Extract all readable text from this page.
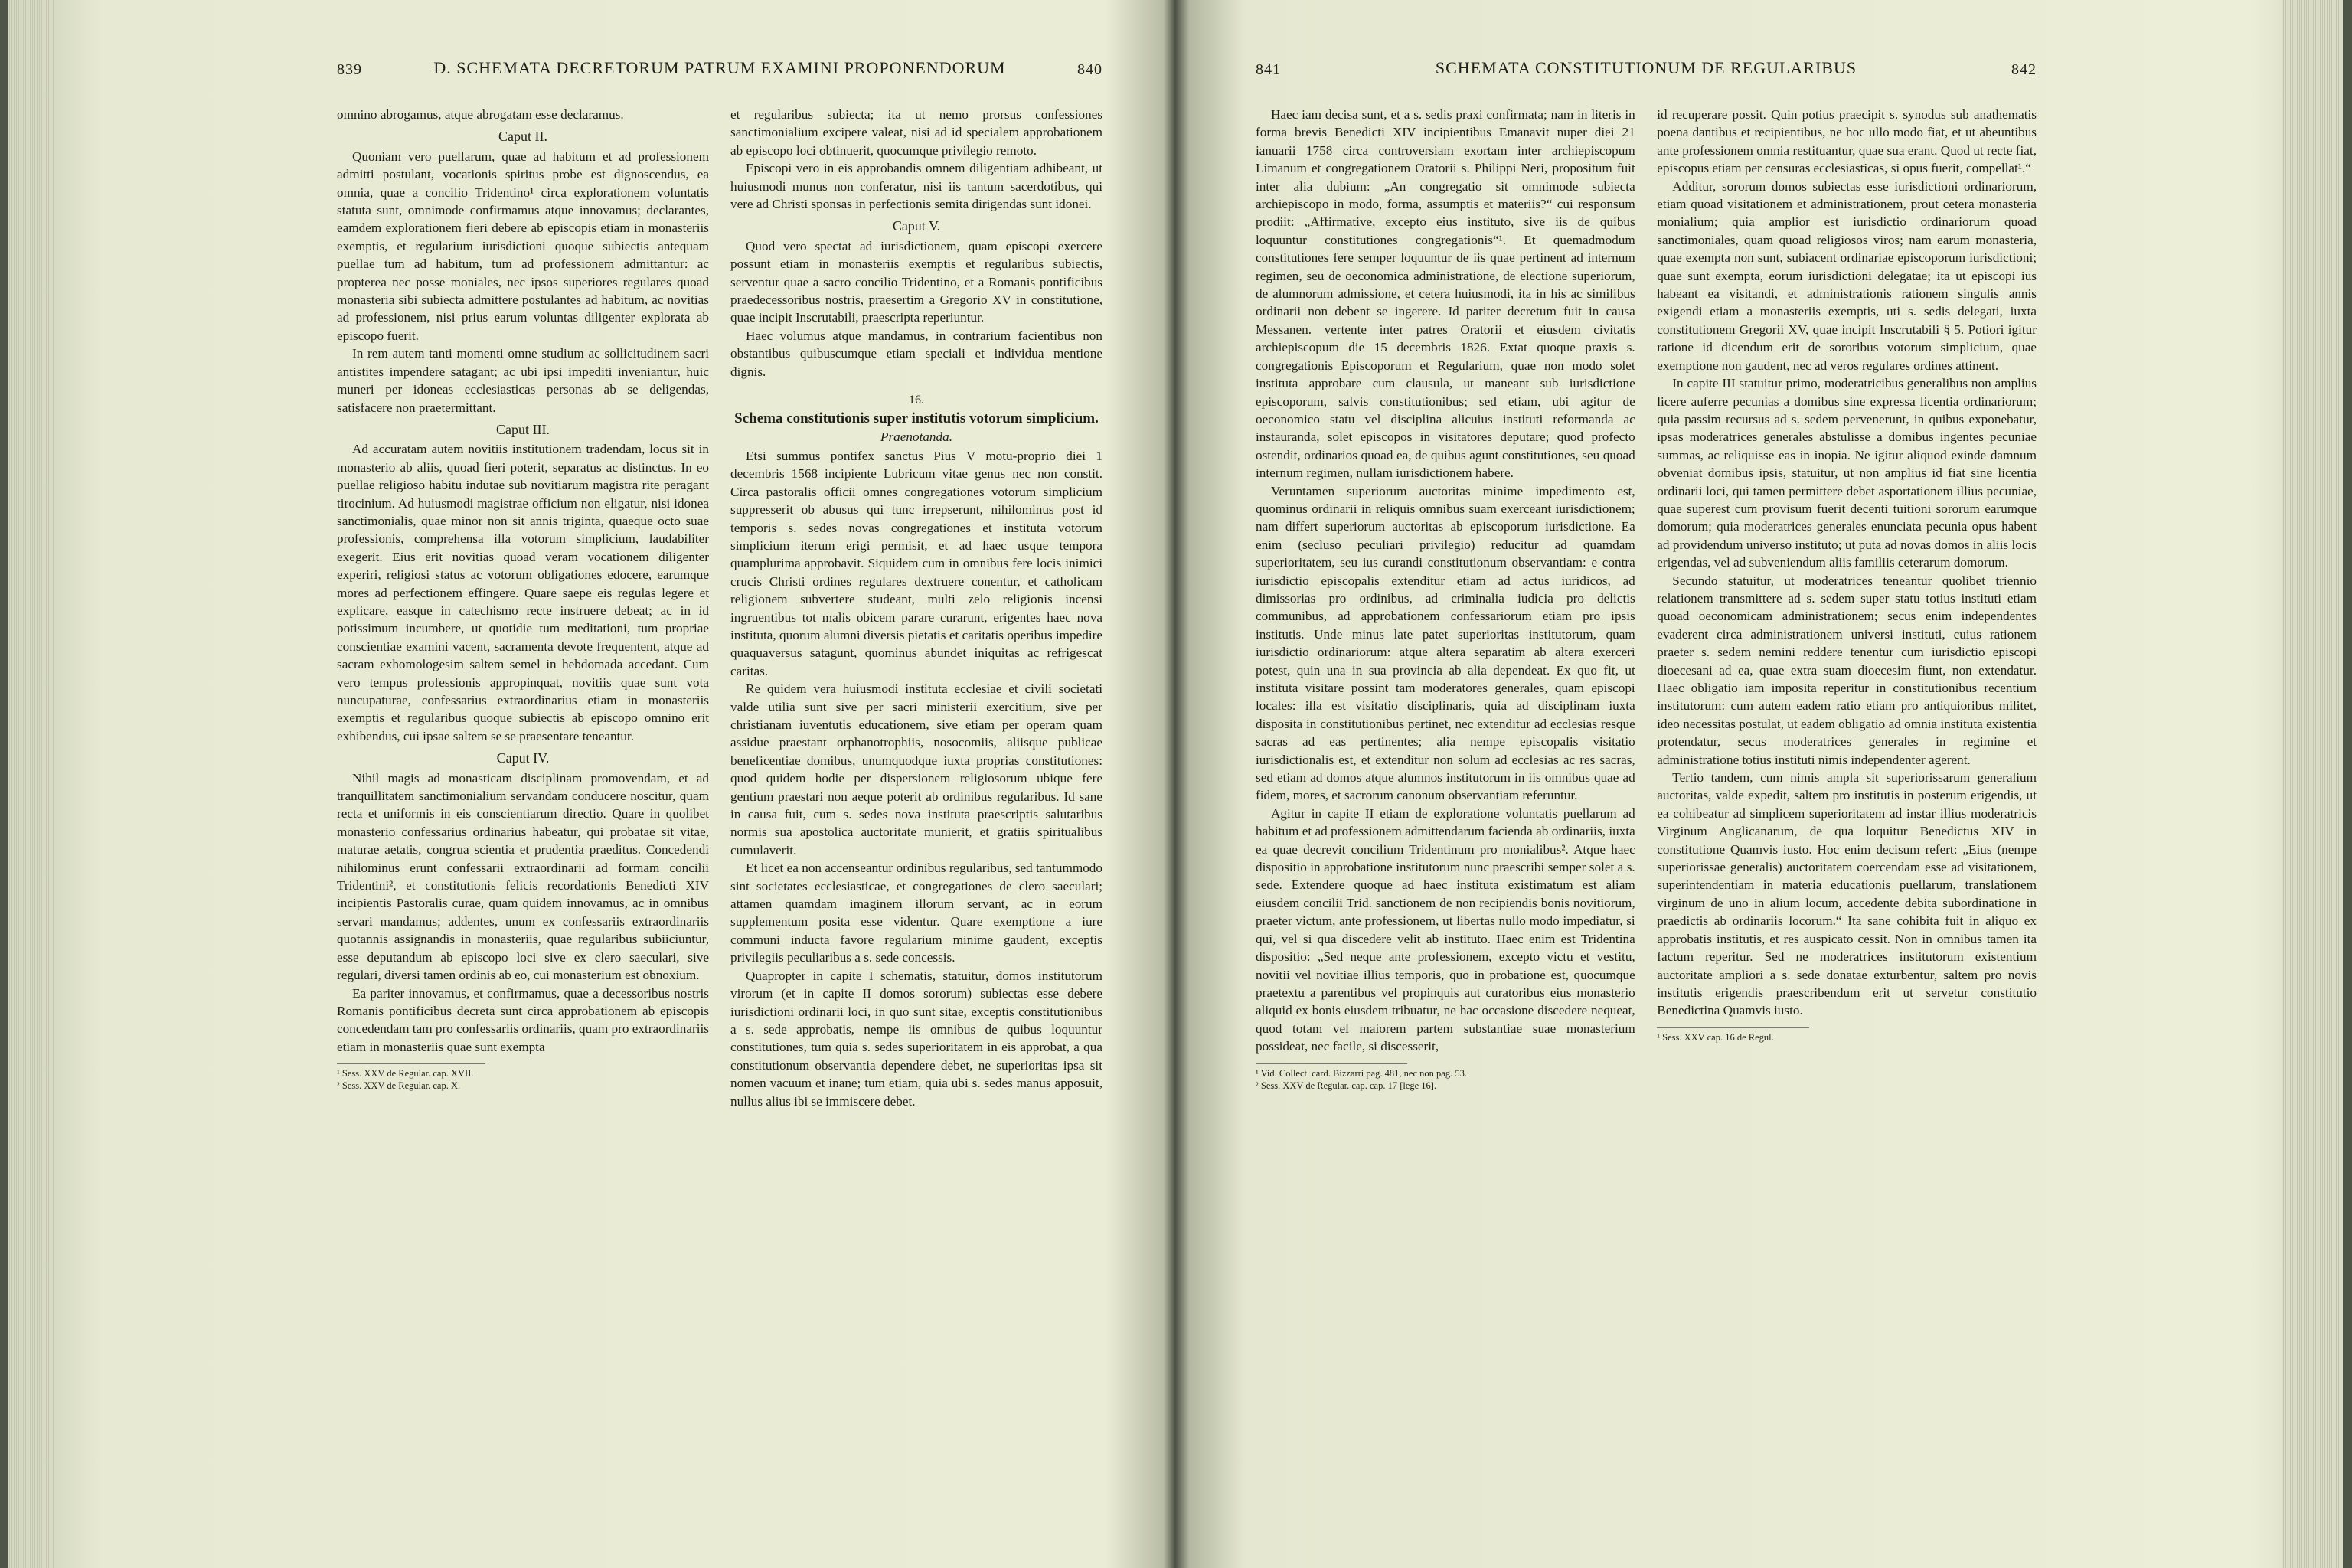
839	D. SCHEMATA DECRETORUM PATRUM EXAMINI PROPONENDORUM	840

omnino abrogamus, atque abrogatam esse declaramus.

Caput II.

Quoniam vero puellarum, quae ad habitum et ad professionem admitti postulant, vocationis spiritus probe est dignoscendus, ea omnia, quae a concilio Tridentino¹ circa explorationem voluntatis statuta sunt, omnimode confirmamus atque innovamus; declarantes, eamdem explorationem fieri debere ab episcopis etiam in monasteriis exemptis, et regularium iurisdictioni quoque subiectis antequam puellae tum ad habitum, tum ad professionem admittantur: ac propterea nec posse moniales, nec ipsos superiores regulares quoad monasteria sibi subiecta admittere postulantes ad habitum, ac novitias ad professionem, nisi prius earum voluntas diligenter explorata ab episcopo fuerit.

In rem autem tanti momenti omne studium ac sollicitudinem sacri antistites impendere satagant; ac ubi ipsi impediti inveniantur, huic muneri per idoneas ecclesiasticas personas ab se deligendas, satisfacere non praetermittant.

Caput III.

Ad accuratam autem novitiis institutionem tradendam, locus sit in monasterio ab aliis, quoad fieri poterit, separatus ac distinctus. In eo puellae religioso habitu indutae sub novitiarum magistra rite peragant tirocinium. Ad huiusmodi magistrae officium non eligatur, nisi idonea sanctimonialis, quae minor non sit annis triginta, quaeque octo suae professionis, comprehensa illa votorum simplicium, laudabiliter exegerit. Eius erit novitias quoad veram vocationem diligenter experiri, religiosi status ac votorum obligationes edocere, earumque mores ad perfectionem effingere. Quare saepe eis regulas legere et explicare, easque in catechismo recte instruere debeat; ac in id potissimum incumbere, ut quotidie tum meditationi, tum propriae conscientiae examini vacent, sacramenta devote frequentent, atque ad sacram exhomologesim saltem semel in hebdomada accedant. Cum vero tempus professionis appropinquat, novitiis quae sunt vota nuncupaturae, confessarius extraordinarius etiam in monasteriis exemptis et regularibus quoque subiectis ab episcopo omnino erit exhibendus, cui ipsae saltem se se praesentare teneantur.

Caput IV.

Nihil magis ad monasticam disciplinam promovendam, et ad tranquillitatem sanctimonialium servandam conducere noscitur, quam recta et uniformis in eis conscientiarum directio. Quare in quolibet monasterio confessarius ordinarius habeatur, qui probatae sit vitae, maturae aetatis, congrua scientia et prudentia praeditus. Concedendi nihilominus erunt confessarii extraordinarii ad formam concilii Tridentini², et constitutionis felicis recordationis Benedicti XIV incipientis Pastoralis curae, quam quidem innovamus, ac in omnibus servari mandamus; addentes, unum ex confessariis extraordinariis quotannis assignandis in monasteriis, quae regularibus subiiciuntur, esse deputandum ab episcopo loci sive ex clero saeculari, sive regulari, diversi tamen ordinis ab eo, cui monasterium est obnoxium.

Ea pariter innovamus, et confirmamus, quae a decessoribus nostris Romanis pontificibus decreta sunt circa approbationem ab episcopis concedendam tam pro confessariis ordinariis, quam pro extraordinariis etiam in monasteriis quae sunt exempta

¹ Sess. XXV de Regular. cap. XVII.
² Sess. XXV de Regular. cap. X.

et regularibus subiecta; ita ut nemo prorsus confessiones sanctimonialium excipere valeat, nisi ad id specialem approbationem ab episcopo loci obtinuerit, quocumque privilegio remoto.

Episcopi vero in eis approbandis omnem diligentiam adhibeant, ut huiusmodi munus non conferatur, nisi iis tantum sacerdotibus, qui vere ad Christi sponsas in perfectionis semita dirigendas sunt idonei.

Caput V.

Quod vero spectat ad iurisdictionem, quam episcopi exercere possunt etiam in monasteriis exemptis et regularibus subiectis, serventur quae a sacro concilio Tridentino, et a Romanis pontificibus praedecessoribus nostris, praesertim a Gregorio XV in constitutione, quae incipit Inscrutabili, praescripta reperiuntur.

Haec volumus atque mandamus, in contrarium facientibus non obstantibus quibuscumque etiam speciali et individua mentione dignis.

16.
Schema constitutionis super institutis votorum simplicium.
Praenotanda.

Etsi summus pontifex sanctus Pius V motu-proprio diei 1 decembris 1568 incipiente Lubricum vitae genus nec non constit. Circa pastoralis officii omnes congregationes votorum simplicium suppresserit ob abusus qui tunc irrepserunt, nihilominus post id temporis s. sedes novas congregationes et instituta votorum simplicium iterum erigi permisit, et ad haec usque tempora quamplurima approbavit. Siquidem cum in omnibus fere locis inimici crucis Christi ordines regulares dextruere conentur, et catholicam religionem subvertere studeant, multi zelo religionis incensi ingruentibus tot malis obicem parare curarunt, erigentes haec nova instituta, quorum alumni diversis pietatis et caritatis operibus impedire quaquaversus satagunt, quominus abundet iniquitas ac refrigescat caritas.

Re quidem vera huiusmodi instituta ecclesiae et civili societati valde utilia sunt sive per sacri ministerii exercitium, sive per christianam iuventutis educationem, sive etiam per operam quam assidue praestant orphanotrophiis, nosocomiis, aliisque publicae beneficentiae domibus, unumquodque iuxta proprias constitutiones: quod quidem hodie per dispersionem religiosorum ubique fere gentium praestari non aeque poterit ab ordinibus regularibus. Id sane in causa fuit, cum s. sedes nova instituta praescriptis salutaribus normis sua apostolica auctoritate munierit, et gratiis spiritualibus cumulaverit.

Et licet ea non accenseantur ordinibus regularibus, sed tantummodo sint societates ecclesiasticae, et congregationes de clero saeculari; attamen quamdam imaginem illorum servant, ac in eorum supplementum posita esse videntur. Quare exemptione a iure communi inducta favore regularium minime gaudent, exceptis privilegiis peculiaribus a s. sede concessis.

Quapropter in capite I schematis, statuitur, domos institutorum virorum (et in capite II domos sororum) subiectas esse debere iurisdictioni ordinarii loci, in quo sunt sitae, exceptis constitutionibus a s. sede approbatis, nempe iis omnibus de quibus loquuntur constitutiones, tum quia s. sedes superioritatem in eis approbat, a qua constitutionum observantia dependere debet, ne superioritas ipsa sit nomen vacuum et inane; tum etiam, quia ubi s. sedes manus apposuit, nullus alius ibi se immiscere debet.

841	SCHEMATA CONSTITUTIONUM DE REGULARIBUS	842

Haec iam decisa sunt, et a s. sedis praxi confirmata; nam in literis in forma brevis Benedicti XIV incipientibus Emanavit nuper diei 21 ianuarii 1758 circa controversiam exortam inter archiepiscopum Limanum et congregationem Oratorii s. Philippi Neri, propositum fuit inter alia dubium: „An congregatio sit omnimode subiecta archiepiscopo in modo, forma, assumptis et materiis?“ cui responsum prodiit: „Affirmative, excepto eius instituto, sive iis de quibus loquuntur constitutiones congregationis“¹. Et quemadmodum constitutiones fere semper loquuntur de iis quae pertinent ad internum regimen, seu de oeconomica administratione, de electione superiorum, de alumnorum admissione, et cetera huiusmodi, ita in his ac similibus ordinarii non debent se ingerere. Id pariter decretum fuit in causa Messanen. vertente inter patres Oratorii et eiusdem civitatis archiepiscopum die 15 decembris 1826. Extat quoque praxis s. congregationis Episcoporum et Regularium, quae non modo solet instituta approbare cum clausula, ut maneant sub iurisdictione episcoporum, salvis constitutionibus; sed etiam, ubi agitur de oeconomico statu vel disciplina alicuius instituti reformanda ac instauranda, solet episcopos in visitatores deputare; quod profecto ostendit, ordinarios quoad ea, de quibus agunt constitutiones, seu quoad internum regimen, nullam iurisdictionem habere.

Veruntamen superiorum auctoritas minime impedimento est, quominus ordinarii in reliquis omnibus suam exerceant iurisdictionem; nam differt superiorum auctoritas ab episcoporum iurisdictione. Ea enim (secluso peculiari privilegio) reducitur ad quamdam superioritatem, seu ius curandi constitutionum observantiam: e contra iurisdictio episcopalis extenditur etiam ad actus iuridicos, ad dimissorias pro ordinibus, ad criminalia iudicia pro delictis communibus, ad approbationem confessariorum etiam pro ipsis institutis. Unde minus late patet superioritas institutorum, quam iurisdictio ordinariorum: atque altera separatim ab altera exerceri potest, quin una in sua provincia ab alia dependeat. Ex quo fit, ut instituta visitare possint tam moderatores generales, quam episcopi locales: illa est visitatio disciplinaris, quia ad disciplinam iuxta disposita in constitutionibus pertinet, nec extenditur ad ecclesias resque sacras ad eas pertinentes; alia nempe episcopalis visitatio iurisdictionalis est, et extenditur non solum ad ecclesias ac res sacras, sed etiam ad domos atque alumnos institutorum in iis omnibus quae ad fidem, mores, et sacrorum canonum observantiam referuntur.

Agitur in capite II etiam de exploratione voluntatis puellarum ad habitum et ad professionem admittendarum facienda ab ordinariis, iuxta ea quae decrevit concilium Tridentinum pro monialibus². Atque haec dispositio in approbatione institutorum nunc praescribi semper solet a s. sede. Extendere quoque ad haec instituta existimatum est aliam eiusdem concilii Trid. sanctionem de non recipiendis bonis novitiorum, praeter victum, ante professionem, ut libertas nullo modo impediatur, si qui, vel si qua discedere velit ab instituto. Haec enim est Tridentina dispositio: „Sed neque ante professionem, excepto victu et vestitu, novitii vel novitiae illius temporis, quo in probatione est, quocumque praetextu a parentibus vel propinquis aut curatoribus eius monasterio aliquid ex bonis eiusdem tribuatur, ne hac occasione discedere nequeat, quod totam vel maiorem partem substantiae suae monasterium possideat, nec facile, si discesserit,

¹ Vid. Collect. card. Bizzarri pag. 481, nec non pag. 53.
² Sess. XXV de Regular. cap. cap. 17 [lege 16].

id recuperare possit. Quin potius praecipit s. synodus sub anathematis poena dantibus et recipientibus, ne hoc ullo modo fiat, et ut abeuntibus ante professionem omnia restituantur, quae sua erant. Quod ut recte fiat, episcopus etiam per censuras ecclesiasticas, si opus fuerit, compellat¹.“

Additur, sororum domos subiectas esse iurisdictioni ordinariorum, etiam quoad visitationem et administrationem, prout cetera monasteria monialium; quia amplior est iurisdictio ordinariorum quoad sanctimoniales, quam quoad religiosos viros; nam earum monasteria, quae exempta non sunt, subiacent ordinariae episcoporum iurisdictioni; quae sunt exempta, eorum iurisdictioni delegatae; ita ut episcopi ius habeant ea visitandi, et administrationis rationem singulis annis exigendi etiam a monasteriis exemptis, uti s. sedis delegati, iuxta constitutionem Gregorii XV, quae incipit Inscrutabili § 5. Potiori igitur ratione id dicendum erit de sororibus votorum simplicium, quae exemptione non gaudent, nec ad veros regulares ordines attinent.

In capite III statuitur primo, moderatricibus generalibus non amplius licere auferre pecunias a domibus sine expressa licentia ordinariorum; quia passim recursus ad s. sedem pervenerunt, in quibus exponebatur, ipsas moderatrices generales abstulisse a domibus ingentes pecuniae summas, ac reliquisse eas in inopia. Ne igitur aliquod exinde damnum obveniat domibus ipsis, statuitur, ut non amplius id fiat sine licentia ordinarii loci, qui tamen permittere debet asportationem illius pecuniae, quae superest cum provisum fuerit decenti tuitioni sororum earumque domorum; quia moderatrices generales enunciata pecunia opus habent ad providendum universo instituto; ut puta ad novas domos in aliis locis erigendas, vel ad subveniendum aliis familiis ceterarum domorum.

Secundo statuitur, ut moderatrices teneantur quolibet triennio relationem transmittere ad s. sedem super statu totius instituti etiam quoad oeconomicam administrationem; secus enim independentes evaderent circa administrationem universi instituti, cuius rationem praeter s. sedem nemini reddere tenentur cum iurisdictio episcopi dioecesani ad ea, quae extra suam dioecesim fiunt, non extendatur. Haec obligatio iam imposita reperitur in constitutionibus recentium institutorum: cum autem eadem ratio etiam pro antiquioribus militet, ideo necessitas postulat, ut eadem obligatio ad omnia instituta existentia protendatur, secus moderatrices generales in regimine et administratione totius instituti nimis independenter agerent.

Tertio tandem, cum nimis ampla sit superiorissarum generalium auctoritas, valde expedit, saltem pro institutis in posterum erigendis, ut ea cohibeatur ad simplicem superioritatem ad instar illius moderatricis Virginum Anglicanarum, de qua loquitur Benedictus XIV in constitutione Quamvis iusto. Hoc enim decisum refert: „Eius (nempe superiorissae generalis) auctoritatem coercendam esse ad visitationem, superintendentiam in materia educationis puellarum, translationem virginum de uno in alium locum, accedente debita subordinatione in praedictis ab ordinariis locorum.“ Ita sane cohibita fuit in aliquo ex approbatis institutis, et res auspicato cessit. Non in omnibus tamen ita factum reperitur. Sed ne moderatrices institutorum existentium auctoritate ampliori a s. sede donatae exturbentur, saltem pro novis institutis erigendis praescribendum erit ut servetur constitutio Benedictina Quamvis iusto.

¹ Sess. XXV cap. 16 de Regul.
